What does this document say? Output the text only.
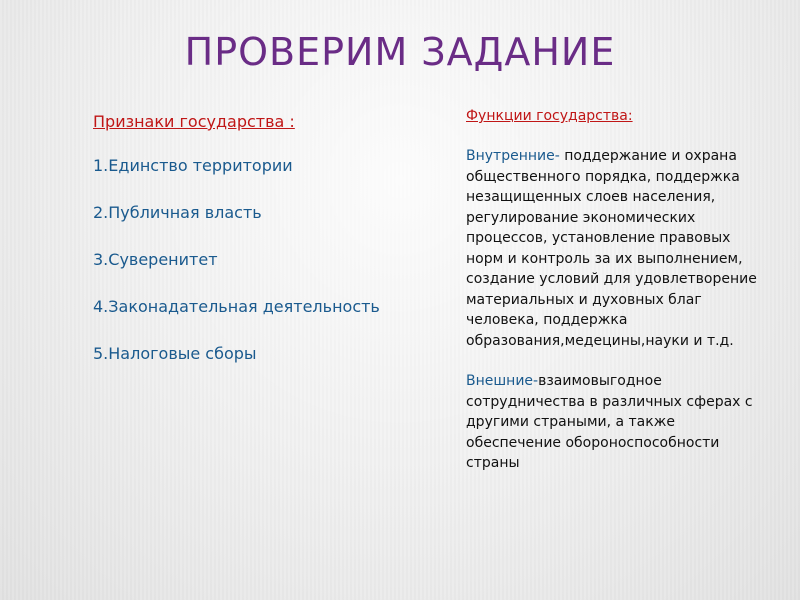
ПРОВЕРИМ ЗАДАНИЕ
Признаки государства :
1.Единство территории
2.Публичная власть
3.Суверенитет
4.Законадательная деятельность
5.Налоговые сборы
Функции государства:
Внутренние- поддержание и охрана общественного порядка, поддержка незащищенных слоев населения, регулирование экономических процессов, установление правовых норм и контроль за их выполнением, создание условий для удовлетворение материальных и духовных благ человека, поддержка образования,медецины,науки и т.д.
Внешние-взаимовыгодное сотрудничества в различных сферах с другими страными, а также обеспечение обороноспособности страны
